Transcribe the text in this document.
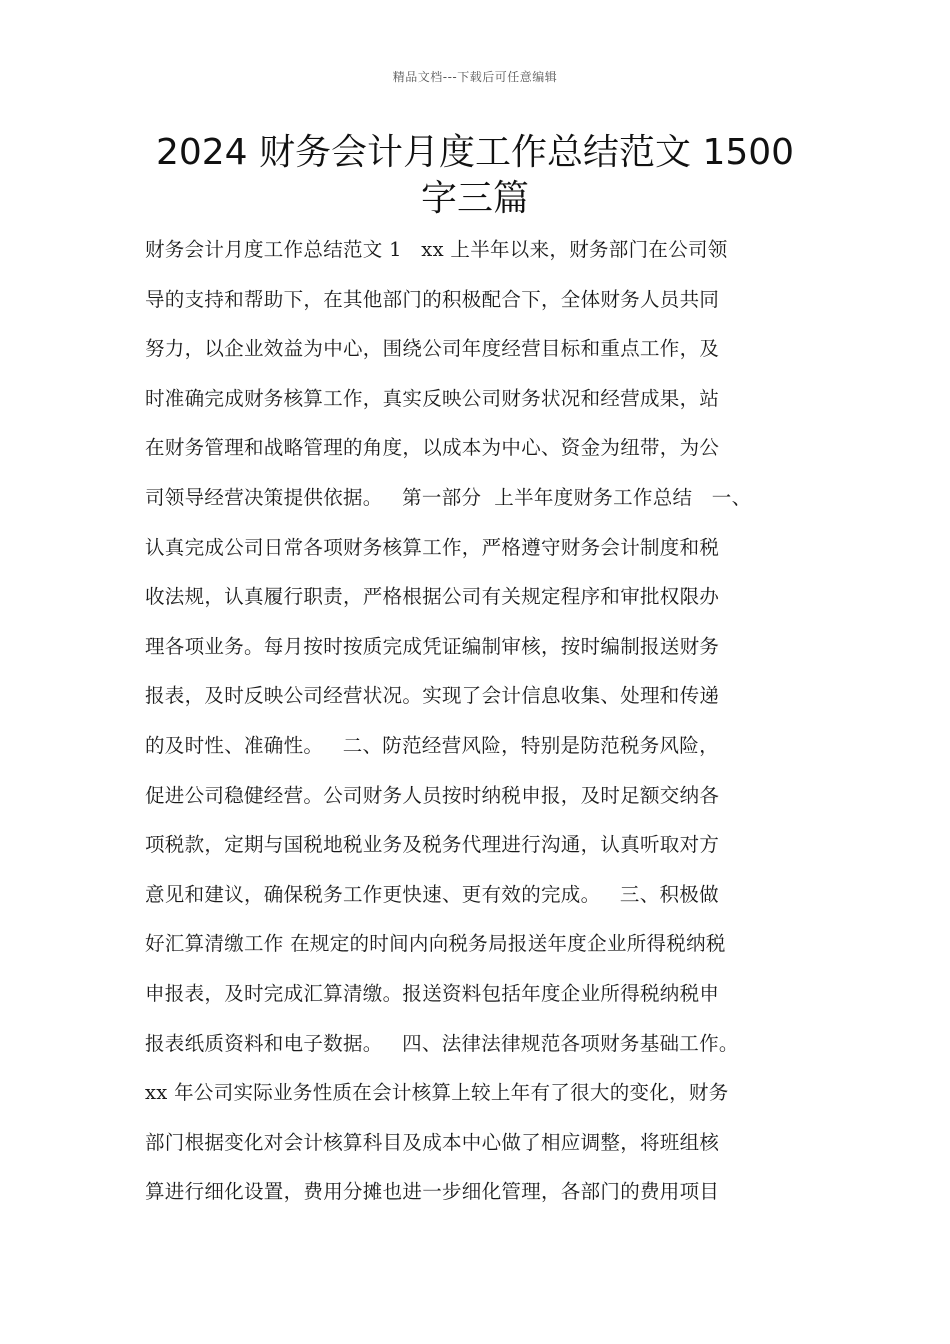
精品文档---下载后可任意编辑
2024 财务会计月度工作总结范文 1500
字三篇
财务会计月度工作总结范文 1   xx 上半年以来，财务部门在公司领
导的支持和帮助下，在其他部门的积极配合下，全体财务人员共同
努力，以企业效益为中心，围绕公司年度经营目标和重点工作，及
时准确完成财务核算工作，真实反映公司财务状况和经营成果，站
在财务管理和战略管理的角度，以成本为中心、资金为纽带，为公
司领导经营决策提供依据。   第一部分  上半年度财务工作总结   一、
认真完成公司日常各项财务核算工作，严格遵守财务会计制度和税
收法规，认真履行职责，严格根据公司有关规定程序和审批权限办
理各项业务。每月按时按质完成凭证编制审核，按时编制报送财务
报表，及时反映公司经营状况。实现了会计信息收集、处理和传递
的及时性、准确性。   二、防范经营风险，特别是防范税务风险，
促进公司稳健经营。公司财务人员按时纳税申报，及时足额交纳各
项税款，定期与国税地税业务及税务代理进行沟通，认真听取对方
意见和建议，确保税务工作更快速、更有效的完成。   三、积极做
好汇算清缴工作 在规定的时间内向税务局报送年度企业所得税纳税
申报表，及时完成汇算清缴。报送资料包括年度企业所得税纳税申
报表纸质资料和电子数据。   四、法律法律规范各项财务基础工作。
xx 年公司实际业务性质在会计核算上较上年有了很大的变化，财务
部门根据变化对会计核算科目及成本中心做了相应调整，将班组核
算进行细化设置，费用分摊也进一步细化管理，各部门的费用项目
